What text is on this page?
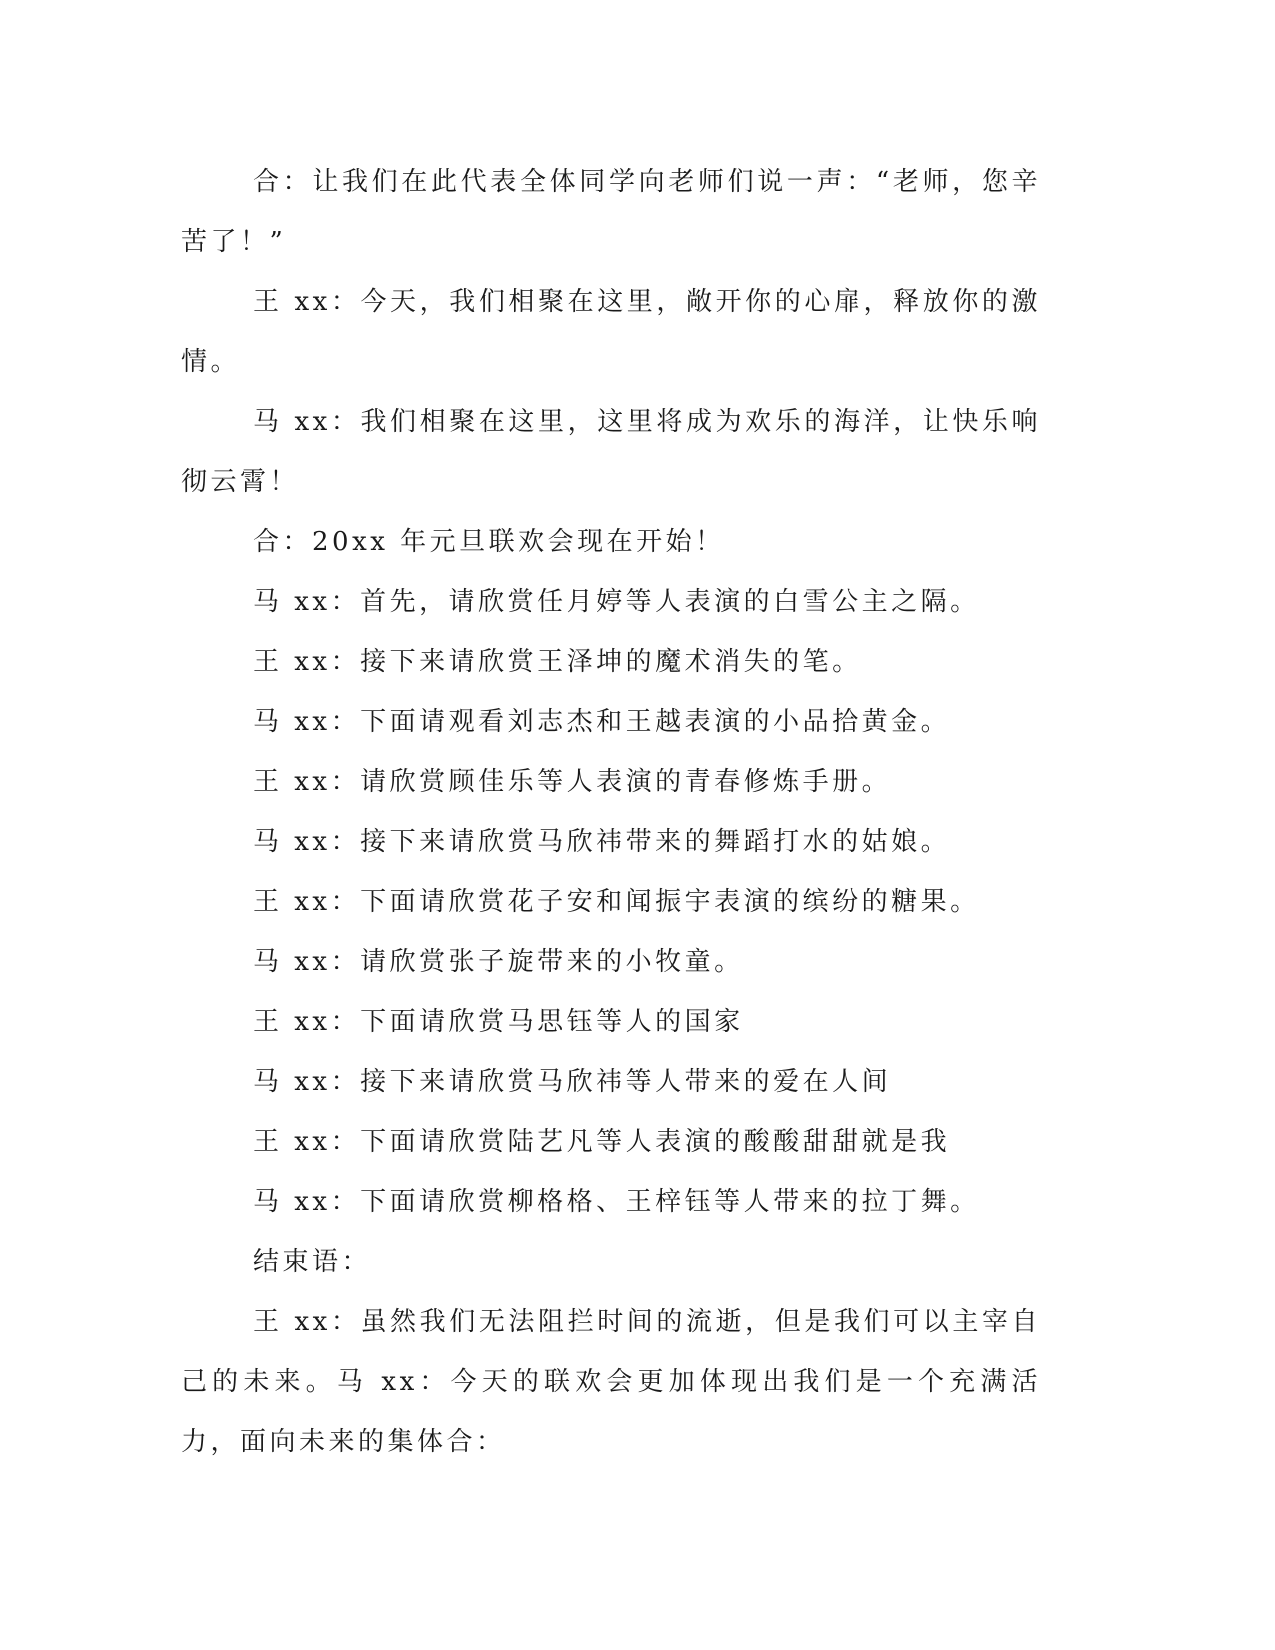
合：让我们在此代表全体同学向老师们说一声：“老师，您辛苦了！”

王 xx：今天，我们相聚在这里，敞开你的心扉，释放你的激情。

马 xx：我们相聚在这里，这里将成为欢乐的海洋，让快乐响彻云霄！

合：20xx 年元旦联欢会现在开始！

马 xx：首先，请欣赏任月婷等人表演的白雪公主之隔。

王 xx：接下来请欣赏王泽坤的魔术消失的笔。

马 xx：下面请观看刘志杰和王越表演的小品拾黄金。

王 xx：请欣赏顾佳乐等人表演的青春修炼手册。

马 xx：接下来请欣赏马欣祎带来的舞蹈打水的姑娘。

王 xx：下面请欣赏花子安和闻振宇表演的缤纷的糖果。

马 xx：请欣赏张子旋带来的小牧童。

王 xx：下面请欣赏马思钰等人的国家

马 xx：接下来请欣赏马欣祎等人带来的爱在人间

王 xx：下面请欣赏陆艺凡等人表演的酸酸甜甜就是我

马 xx：下面请欣赏柳格格、王梓钰等人带来的拉丁舞。

结束语：

王 xx：虽然我们无法阻拦时间的流逝，但是我们可以主宰自己的未来。马 xx：今天的联欢会更加体现出我们是一个充满活力，面向未来的集体合：
